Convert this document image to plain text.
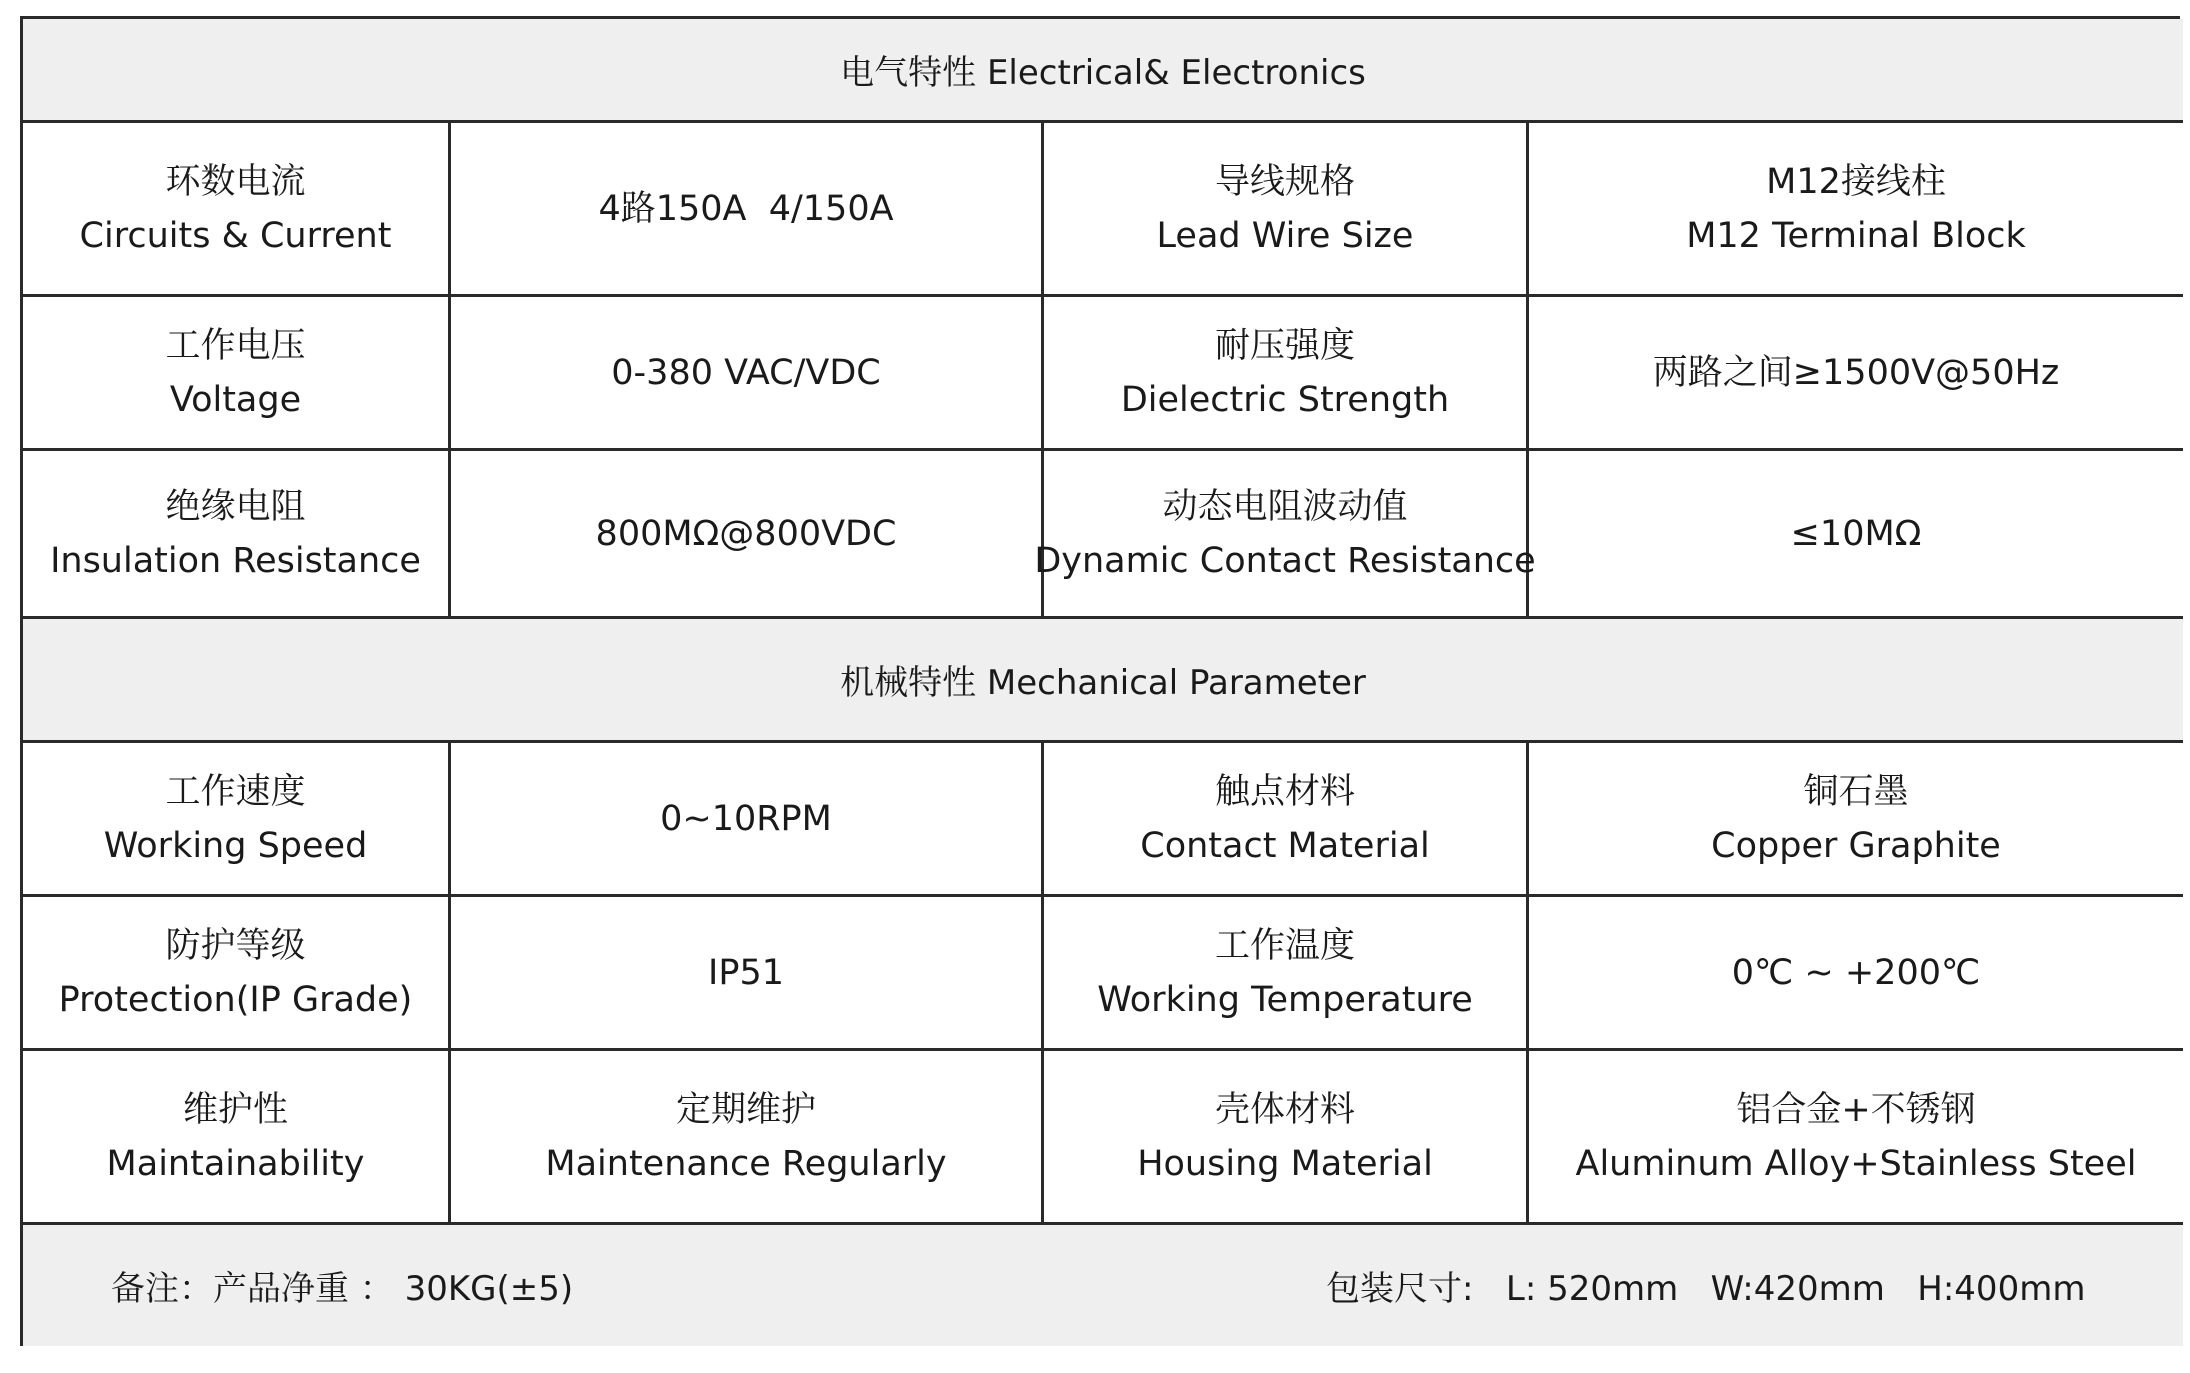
电气特性 Electrical& Electronics
环数电流
Circuits & Current
4路150A  4/150A
导线规格
Lead Wire Size
M12接线柱
M12 Terminal Block
工作电压
Voltage
0-380 VAC/VDC
耐压强度
Dielectric Strength
两路之间≥1500V@50Hz
绝缘电阻
Insulation Resistance
800MΩ@800VDC
动态电阻波动值
Dynamic Contact Resistance
≤10MΩ
机械特性 Mechanical Parameter
工作速度
Working Speed
0~10RPM
触点材料
Contact Material
铜石墨
Copper Graphite
防护等级
Protection(IP Grade)
IP51
工作温度
Working Temperature
0℃ ~ +200℃
维护性
Maintainability
定期维护
Maintenance Regularly
壳体材料
Housing Material
铝合金+不锈钢
Aluminum Alloy+Stainless Steel
备注：产品净重 ： 30KG(±5)	包装尺寸:   L: 520mm   W:420mm   H:400mm
